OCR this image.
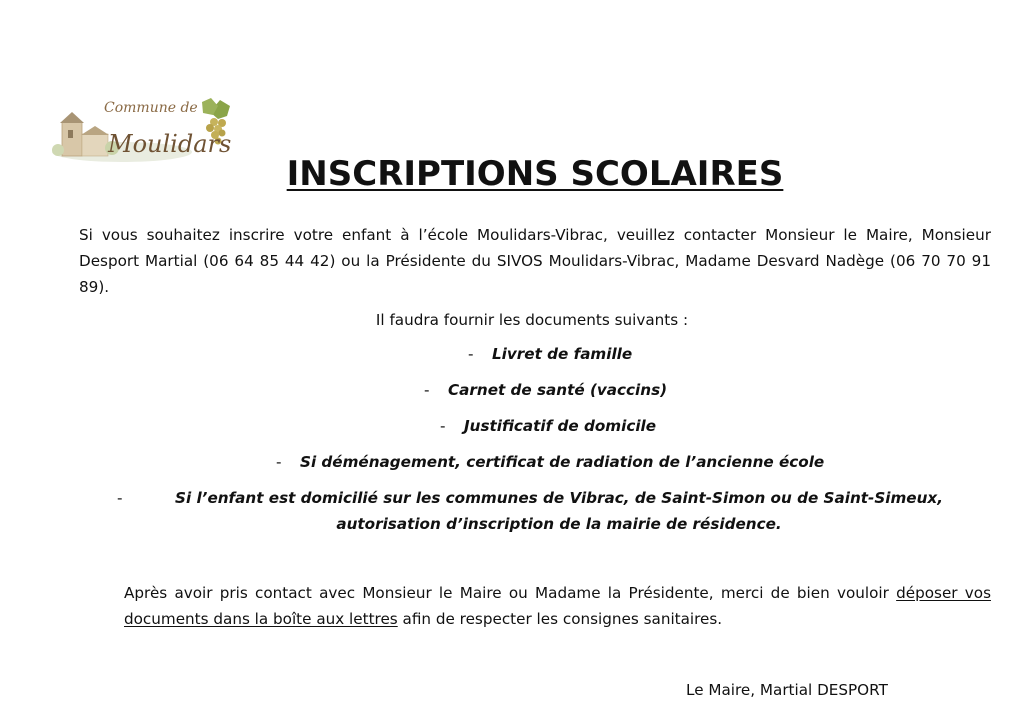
Commune de
Moulidars
INSCRIPTIONS SCOLAIRES

Si vous souhaitez inscrire votre enfant à l’école Moulidars-Vibrac, veuillez contacter Monsieur le Maire, Monsieur Desport Martial (06 64 85 44 42) ou la Présidente du SIVOS Moulidars-Vibrac, Madame Desvard Nadège (06 70 70 91 89).

Il faudra fournir les documents suivants :

- Livret de famille

- Carnet de santé (vaccins)

- Justificatif de domicile

- Si déménagement, certificat de radiation de l’ancienne école

-	Si l’enfant est domicilié sur les communes de Vibrac, de Saint-Simon ou de Saint-Simeux, autorisation d’inscription de la mairie de résidence.

Après avoir pris contact avec Monsieur le Maire ou Madame la Présidente, merci de bien vouloir déposer vos documents dans la boîte aux lettres afin de respecter les consignes sanitaires.

Le Maire, Martial DESPORT
